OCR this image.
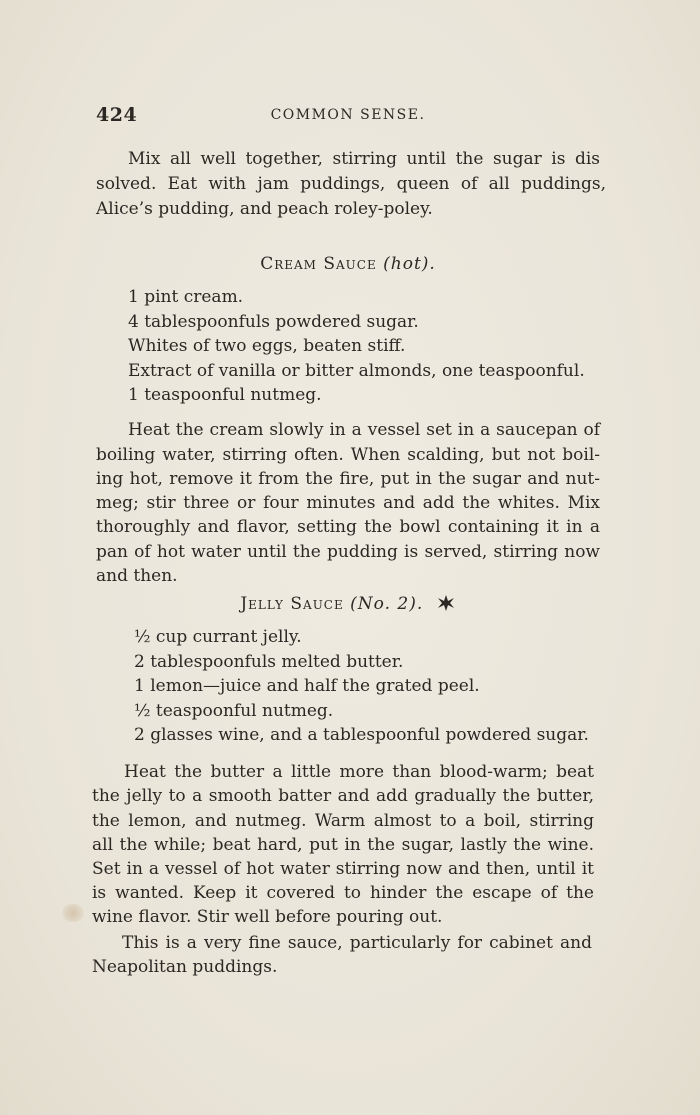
424	COMMON SENSE.
Mix all well together, stirring until the sugar is dis
solved. Eat with jam puddings, queen of all puddings,
Alice’s pudding, and peach roley-poley.
Cream Sauce (hot).
1 pint cream.
4 tablespoonfuls powdered sugar.
Whites of two eggs, beaten stiff.
Extract of vanilla or bitter almonds, one teaspoonful.
1 teaspoonful nutmeg.
Heat the cream slowly in a vessel set in a saucepan of
boiling water, stirring often. When scalding, but not boil-
ing hot, remove it from the fire, put in the sugar and nut-
meg; stir three or four minutes and add the whites. Mix
thoroughly and flavor, setting the bowl containing it in a
pan of hot water until the pudding is served, stirring now
and then.
Jelly Sauce (No. 2).
½ cup currant jelly.
2 tablespoonfuls melted butter.
1 lemon—juice and half the grated peel.
½ teaspoonful nutmeg.
2 glasses wine, and a tablespoonful powdered sugar.
Heat the butter a little more than blood-warm; beat
the jelly to a smooth batter and add gradually the butter,
the lemon, and nutmeg. Warm almost to a boil, stirring
all the while; beat hard, put in the sugar, lastly the wine.
Set in a vessel of hot water stirring now and then, until it
is wanted. Keep it covered to hinder the escape of the
wine flavor. Stir well before pouring out.
This is a very fine sauce, particularly for cabinet and
Neapolitan puddings.
